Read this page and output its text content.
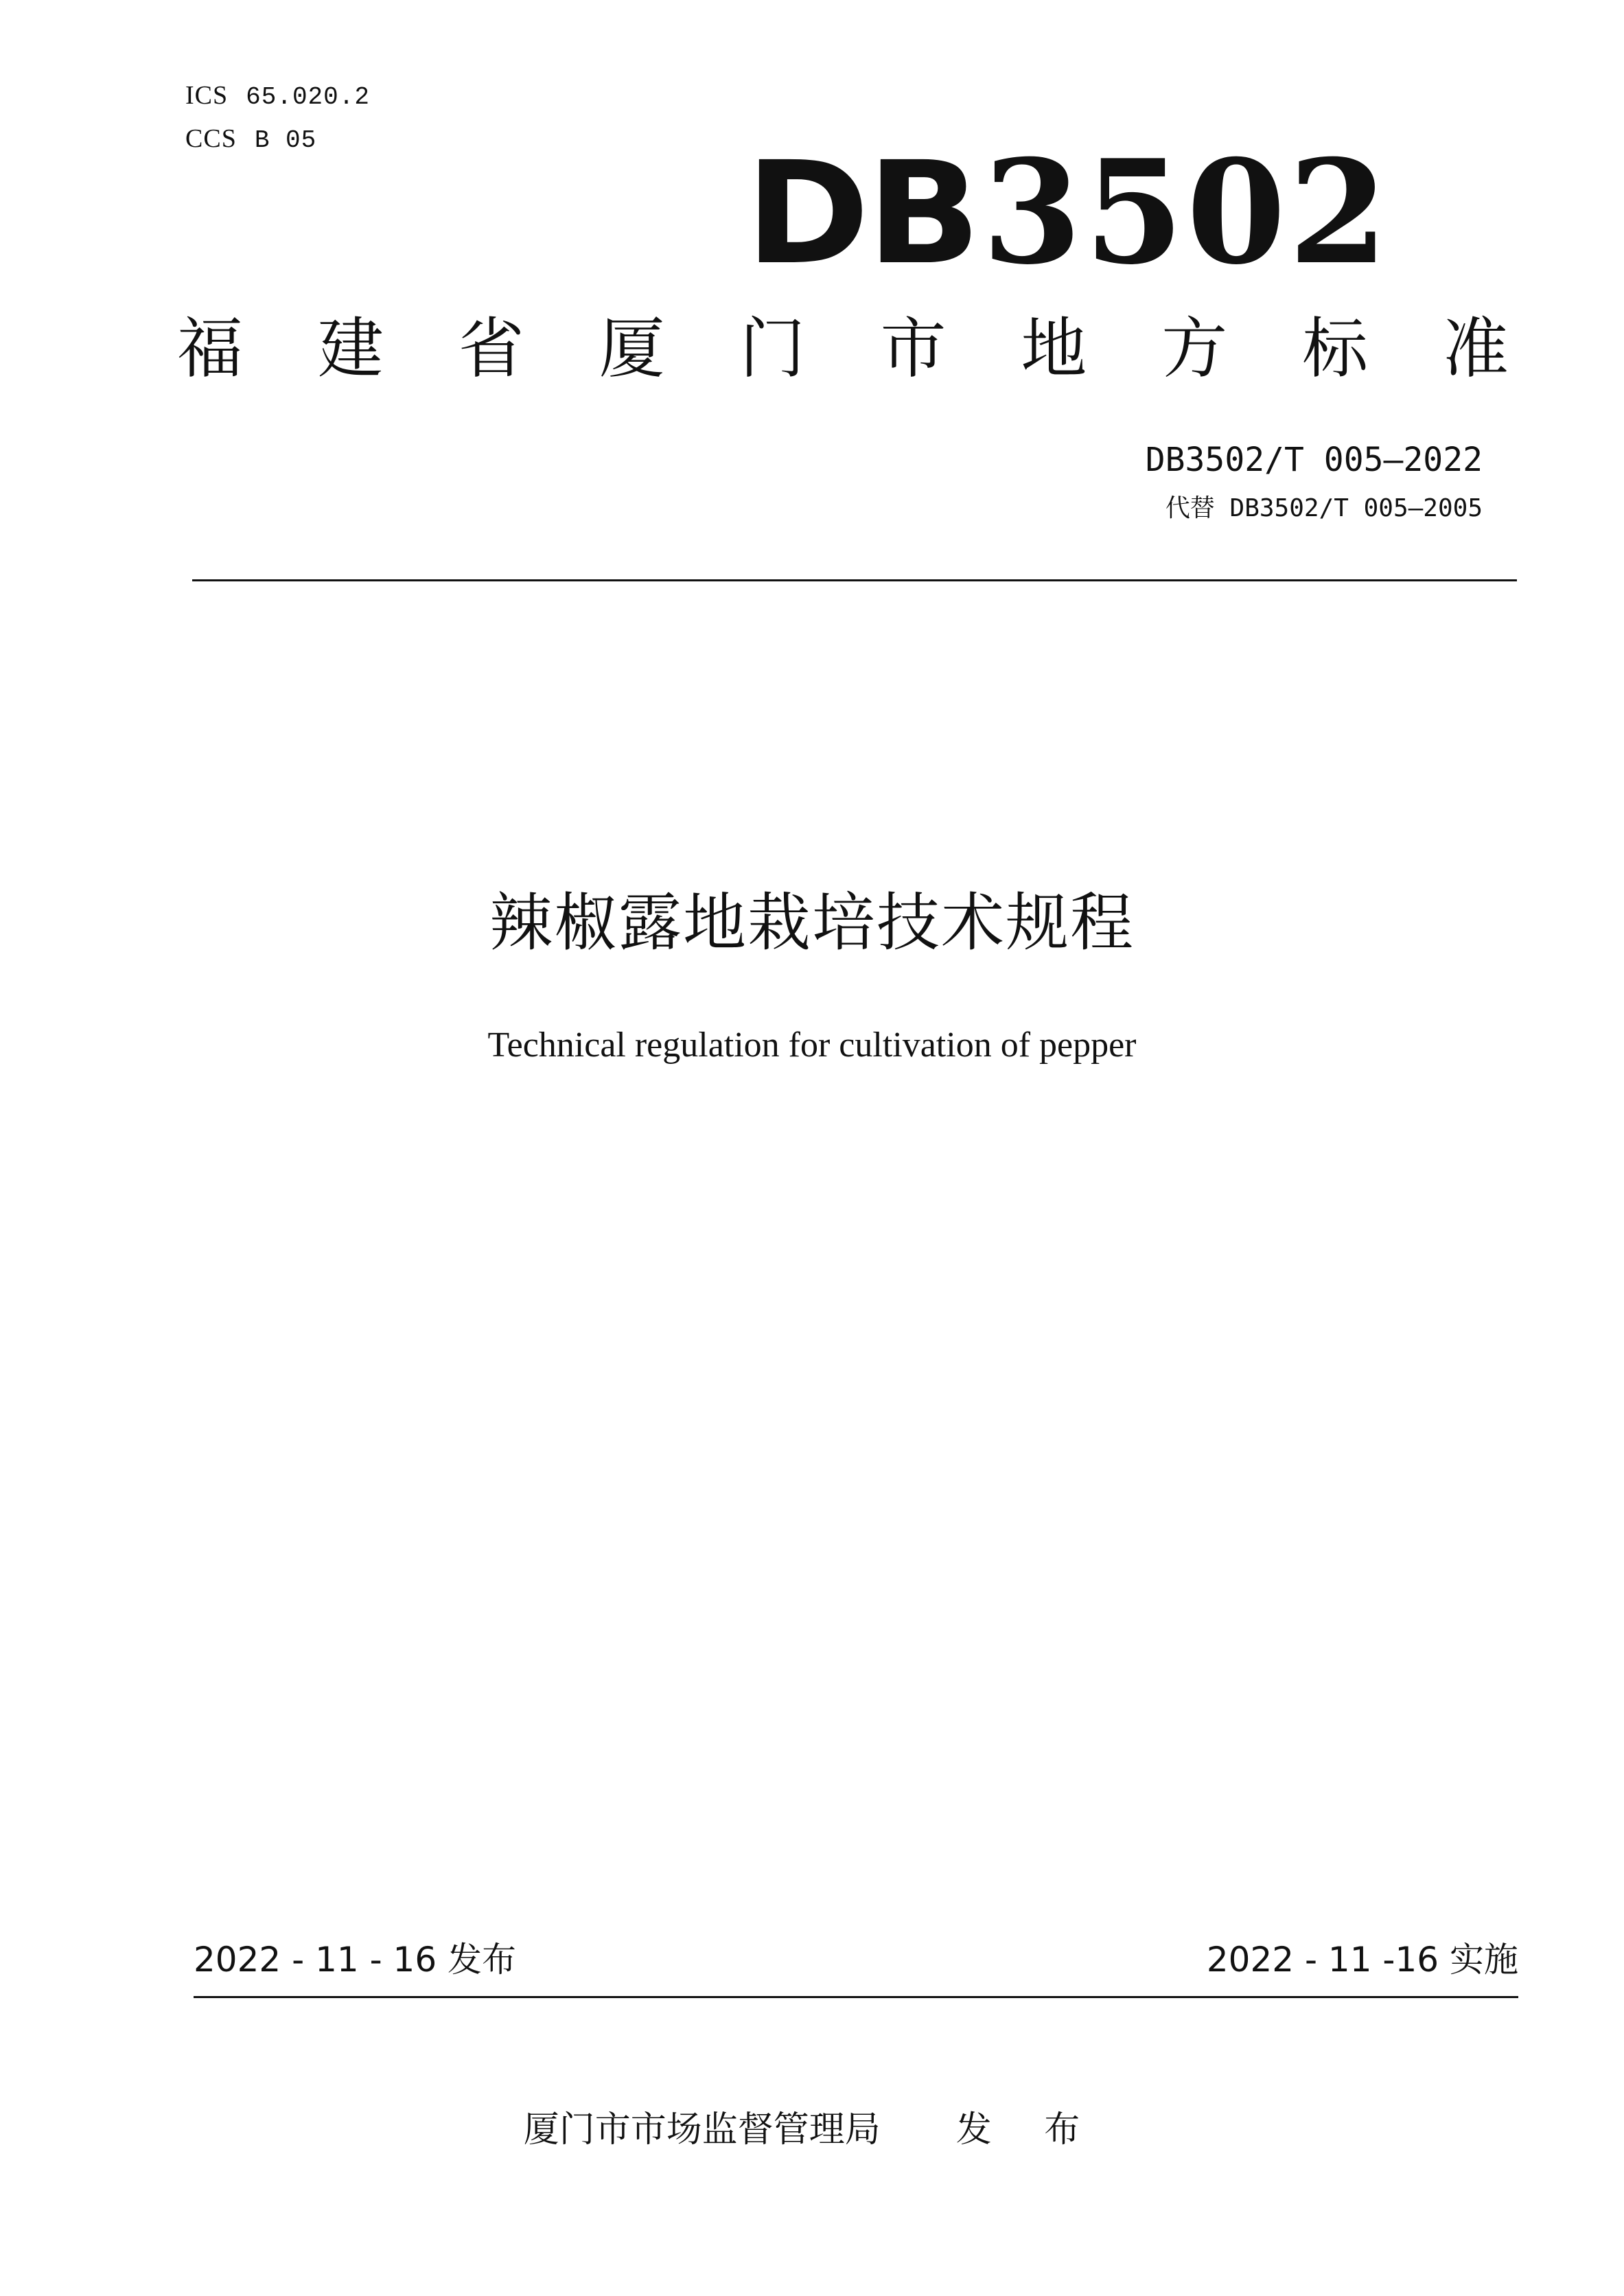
ICS 65.020.2
CCS B 05	DB3502
福 建 省 厦 门 市 地 方 标 准
DB3502/T 005—2022
代替 DB3502/T 005—2005
辣椒露地栽培技术规程
Technical regulation for cultivation of pepper
2022 - 11 - 16 发布	2022 - 11 -16 实施
厦门市市场监督管理局 发 布
